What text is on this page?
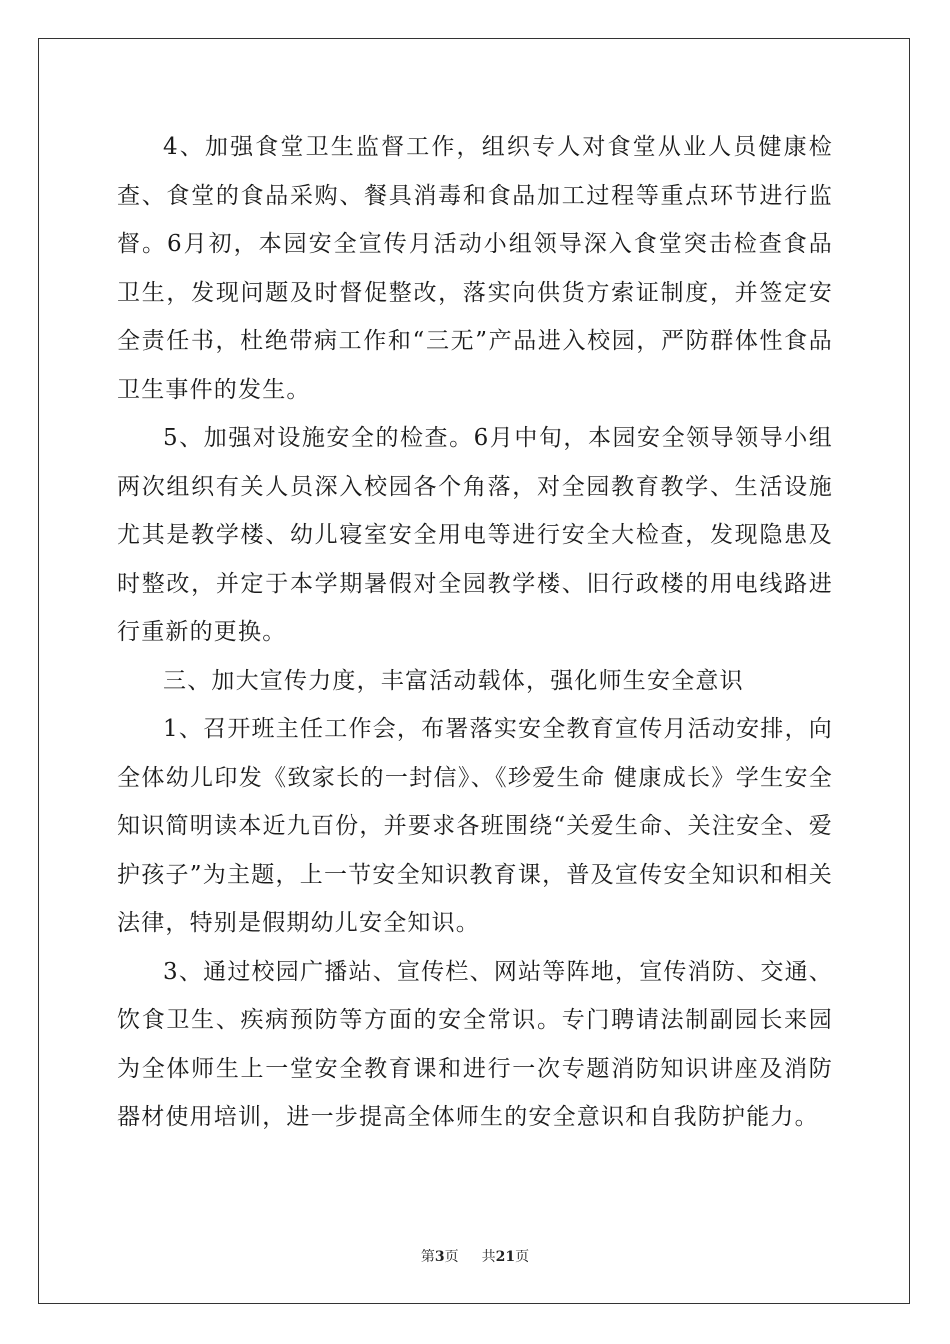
4、加强食堂卫生监督工作，组织专人对食堂从业人员健康检查、食堂的食品采购、餐具消毒和食品加工过程等重点环节进行监督。6月初，本园安全宣传月活动小组领导深入食堂突击检查食品卫生，发现问题及时督促整改，落实向供货方索证制度，并签定安全责任书，杜绝带病工作和“三无”产品进入校园，严防群体性食品卫生事件的发生。

5、加强对设施安全的检查。6月中旬，本园安全领导领导小组两次组织有关人员深入校园各个角落，对全园教育教学、生活设施尤其是教学楼、幼儿寝室安全用电等进行安全大检查，发现隐患及时整改，并定于本学期暑假对全园教学楼、旧行政楼的用电线路进行重新的更换。

三、加大宣传力度，丰富活动载体，强化师生安全意识

1、召开班主任工作会，布署落实安全教育宣传月活动安排，向全体幼儿印发《致家长的一封信》、《珍爱生命 健康成长》学生安全知识简明读本近九百份，并要求各班围绕“关爱生命、关注安全、爱护孩子”为主题，上一节安全知识教育课，普及宣传安全知识和相关法律，特别是假期幼儿安全知识。

3、通过校园广播站、宣传栏、网站等阵地，宣传消防、交通、饮食卫生、疾病预防等方面的安全常识。专门聘请法制副园长来园为全体师生上一堂安全教育课和进行一次专题消防知识讲座及消防器材使用培训，进一步提高全体师生的安全意识和自我防护能力。

第3页 共21页
